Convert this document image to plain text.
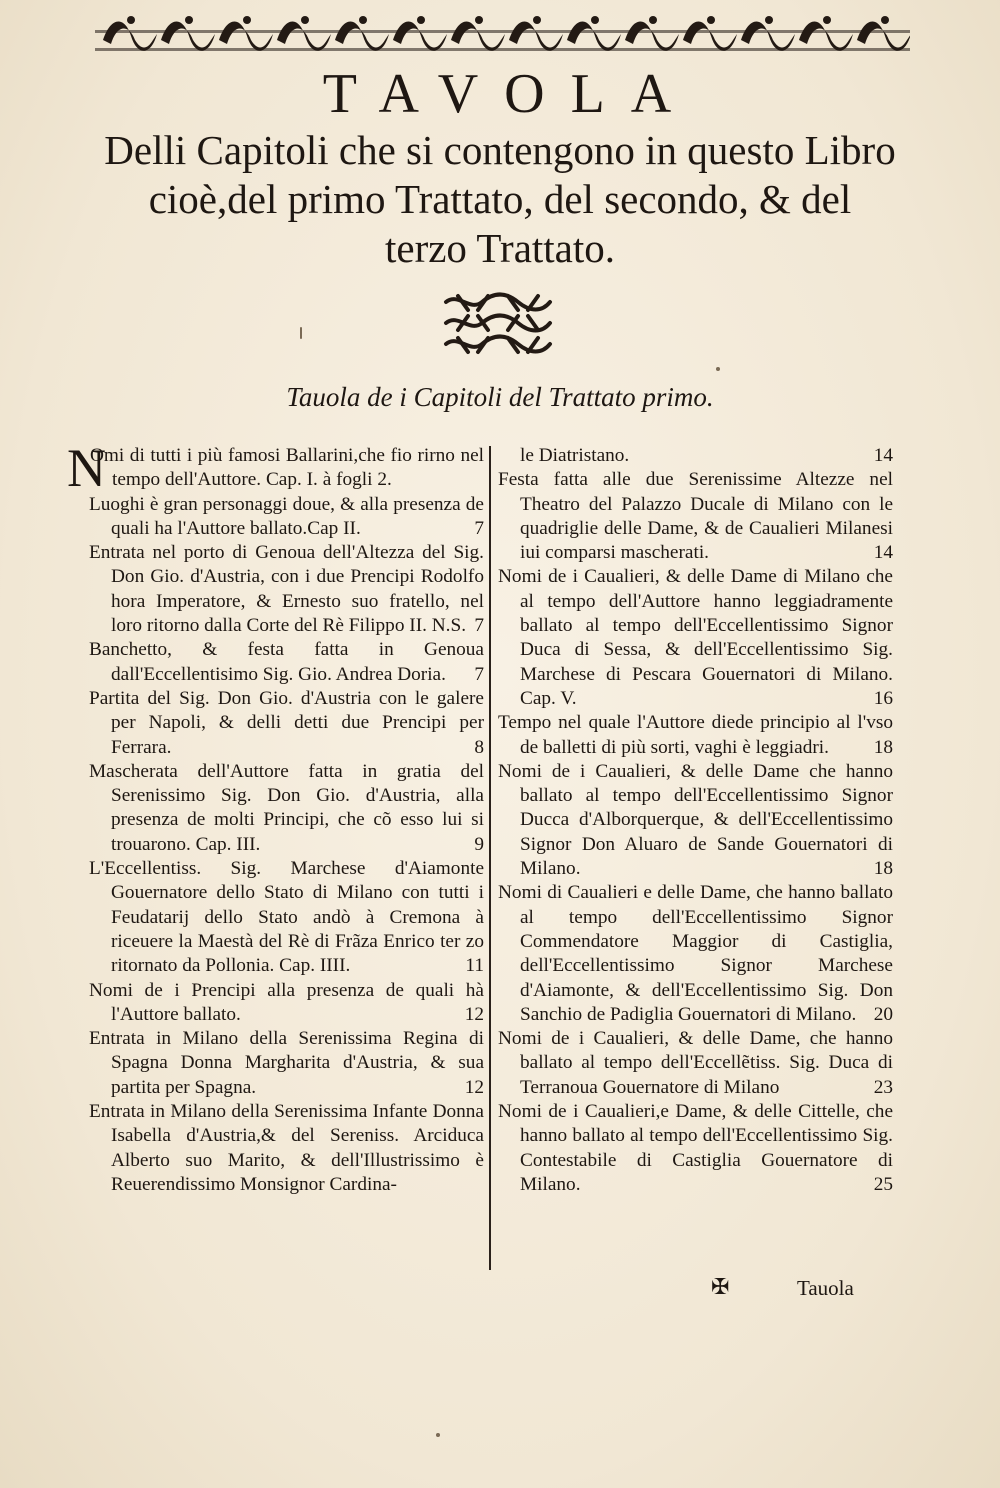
TAVOLA
Delli Capitoli che si contengono in questo Libro
cioè,del primo Trattato, del secondo, & del
terzo Trattato.
Tauola de i Capitoli del Trattato primo.
N
Omi di tutti i più famosi Ballarini,che fio rirno nel tempo dell'Auttore. Cap. I. à fogli 2.
Luoghi è gran personaggi doue, & alla presenza de quali ha l'Auttore ballato.Cap II.	7
Entrata nel porto di Genoua dell'Altezza del Sig. Don Gio. d'Austria, con i due Prencipi Rodolfo hora Imperatore, & Ernesto suo fratello, nel loro ritorno dalla Corte del Rè Filippo II. N.S. 7
Banchetto, & festa fatta in Genoua dall'Eccellentisimo Sig. Gio. Andrea Doria. 7
Partita del Sig. Don Gio. d'Austria con le galere per Napoli, & delli detti due Prencipi per Ferrara.	8
Mascherata dell'Auttore fatta in gratia del Serenissimo Sig. Don Gio. d'Austria, alla presenza de molti Principi, che cõ esso lui si trouarono. Cap. III.	9
L'Eccellentiss. Sig. Marchese d'Aiamonte Gouernatore dello Stato di Milano con tutti i Feudatarij dello Stato andò à Cremona à riceuere la Maestà del Rè di Frãza Enrico ter zo ritornato da Pollonia. Cap. IIII.	11
Nomi de i Prencipi alla presenza de quali hà l'Auttore ballato.	12
Entrata in Milano della Serenissima Regina di Spagna Donna Margharita d'Austria, & sua partita per Spagna.	12
Entrata in Milano della Serenissima Infante Donna Isabella d'Austria,& del Sereniss. Arciduca Alberto suo Marito, & dell'Illustrissimo è Reuerendissimo Monsignor Cardina-
le Diatristano.	14
Festa fatta alle due Serenissime Altezze nel Theatro del Palazzo Ducale di Milano con le quadriglie delle Dame, & de Caualieri Milanesi iui comparsi mascherati.	14
Nomi de i Caualieri, & delle Dame di Milano che al tempo dell'Auttore hanno leggiadramente ballato al tempo dell'Eccellentissimo Signor Duca di Sessa, & dell'Eccellentissimo Sig. Marchese di Pescara Gouernatori di Milano. Cap. V.	16
Tempo nel quale l'Auttore diede principio al l'vso de balletti di più sorti, vaghi è leggiadri. 18
Nomi de i Caualieri, & delle Dame che hanno ballato al tempo dell'Eccellentissimo Signor Ducca d'Alborquerque, & dell'Eccellentissimo Signor Don Aluaro de Sande Gouernatori di Milano.	18
Nomi di Caualieri e delle Dame, che hanno ballato al tempo dell'Eccellentissimo Signor Commendatore Maggior di Castiglia, dell'Eccellentissimo Signor Marchese d'Aiamonte, & dell'Eccellentissimo Sig. Don Sanchio de Padiglia Gouernatori di Milano. 20
Nomi de i Caualieri, & delle Dame, che hanno ballato al tempo dell'Eccellẽtiss. Sig. Duca di Terranoua Gouernatore di Milano	23
Nomi de i Caualieri,e Dame, & delle Cittelle, che hanno ballato al tempo dell'Eccellentissimo Sig. Contestabile di Castiglia Gouernatore di Milano.	25
✠	Tauola
